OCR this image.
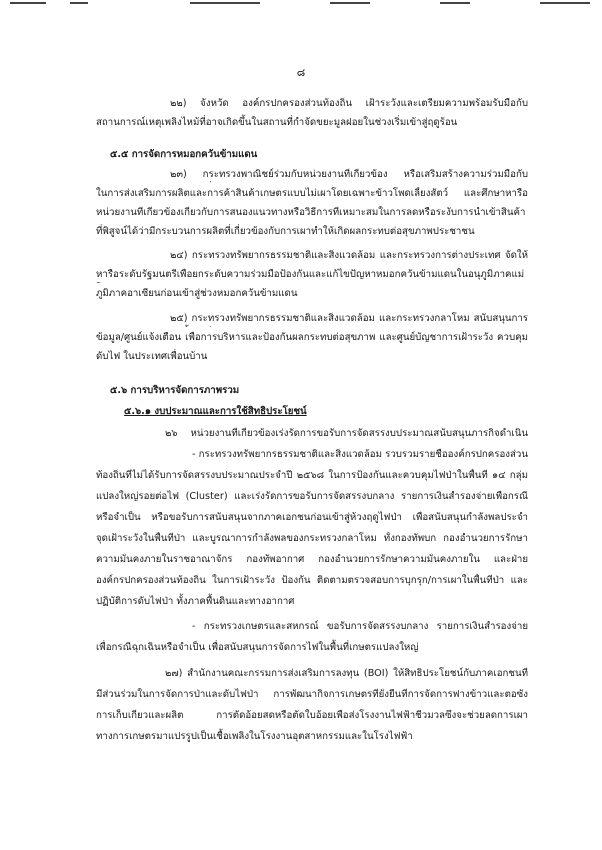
๘
๒๒) จังหวัด องค์กรปกครองส่วนท้องถิ่น เฝ้าระวังและเตรียมความพร้อมรับมือกับ
สถานการณ์เหตุเพลิงไหม้ที่อาจเกิดขึ้นในสถานที่กำจัดขยะมูลฝอยในช่วงเริ่มเข้าสู่ฤดูร้อน
๕.๕ การจัดการหมอกควันข้ามแดน
๒๓) กระทรวงพาณิชย์ร่วมกับหน่วยงานที่เกี่ยวข้อง หรือเสริมสร้างความร่วมมือกับ
ในการส่งเสริมการผลิตและการค้าสินค้าเกษตรแบบไม่เผาโดยเฉพาะข้าวโพดเลี้ยงสัตว์ และศึกษาหารือ
หน่วยงานที่เกี่ยวข้องเกี่ยวกับการสนองแนวทางหรือวิธีการที่เหมาะสมในการลดหรือระงับการนำเข้าสินค้า
ที่พิสูจน์ได้ว่ามีกระบวนการผลิตที่เกี่ยวข้องกับการเผาทำให้เกิดผลกระทบต่อสุขภาพประชาชน
๒๔) กระทรวงทรัพยากรธรรมชาติและสิ่งแวดล้อม และกระทรวงการต่างประเทศ จัดให้
หารือระดับรัฐมนตรีเพื่อยกระดับความร่วมมือป้องกันและแก้ไขปัญหาหมอกควันข้ามแดนในอนุภูมิภาคแม่
ภูมิภาคอาเซียนก่อนเข้าสู่ช่วงหมอกควันข้ามแดน
๒๕) กระทรวงทรัพยากรธรรมชาติและสิ่งแวดล้อม และกระทรวงกลาโหม สนับสนุนการ
ข้อมูล/ศูนย์แจ้งเตือน เพื่อการบริหารและป้องกันผลกระทบต่อสุขภาพ และศูนย์บัญชาการเฝ้าระวัง ควบคุม
ดับไฟ ในประเทศเพื่อนบ้าน
๕.๖ การบริหารจัดการภาพรวม
๕.๖.๑ งบประมาณและการใช้สิทธิประโยชน์
๒๖ หน่วยงานที่เกี่ยวข้องเร่งรัดการขอรับการจัดสรรงบประมาณสนับสนุนภารกิจดำเนิน
- กระทรวงทรัพยากรธรรมชาติและสิ่งแวดล้อม รวบรวมรายชื่อองค์กรปกครองส่วน
ท้องถิ่นที่ไม่ได้รับการจัดสรรงบประมาณประจำปี ๒๕๖๘ ในการป้องกันและควบคุมไฟป่าในพื้นที่ ๑๔ กลุ่ม
แปลงใหญ่รอยต่อไฟ (Cluster) และเร่งรัดการขอรับการจัดสรรงบกลาง รายการเงินสำรองจ่ายเพื่อกรณี
หรือจำเป็น หรือขอรับการสนับสนุนจากภาคเอกชนก่อนเข้าสู่ห้วงฤดูไฟป่า เพื่อสนับสนุนกำลังพลประจำ
จุดเฝ้าระวังในพื้นที่ป่า และบูรณาการกำลังพลของกระทรวงกลาโหม ทั้งกองทัพบก กองอำนวยการรักษา
ความมั่นคงภายในราชอาณาจักร กองทัพอากาศ กองอำนวยการรักษาความมั่นคงภายใน และฝ่าย
องค์กรปกครองส่วนท้องถิ่น ในการเฝ้าระวัง ป้องกัน ติดตามตรวจสอบการบุกรุก/การเผาในพื้นที่ป่า และ
ปฏิบัติการดับไฟป่า ทั้งภาคพื้นดินและทางอากาศ
- กระทรวงเกษตรและสหกรณ์ ขอรับการจัดสรรงบกลาง รายการเงินสำรองจ่าย
เพื่อกรณีฉุกเฉินหรือจำเป็น เพื่อสนับสนุนการจัดการไฟในพื้นที่เกษตรแปลงใหญ่
๒๗) สำนักงานคณะกรรมการส่งเสริมการลงทุน (BOI) ให้สิทธิประโยชน์กับภาคเอกชนที่
มีส่วนร่วมในการจัดการป่าและดับไฟป่า การพัฒนากิจการเกษตรที่ยั่งยืนที่การจัดการฟางข้าวและตอซัง
การเก็บเกี่ยวและผลิต การตัดอ้อยสดหรือตัดใบอ้อยเพื่อส่งโรงงานไฟฟ้าชีวมวลซึ่งจะช่วยลดการเผา
ทางการเกษตรมาแปรรูปเป็นเชื้อเพลิงในโรงงานอุตสาหกรรมและในโรงไฟฟ้า
